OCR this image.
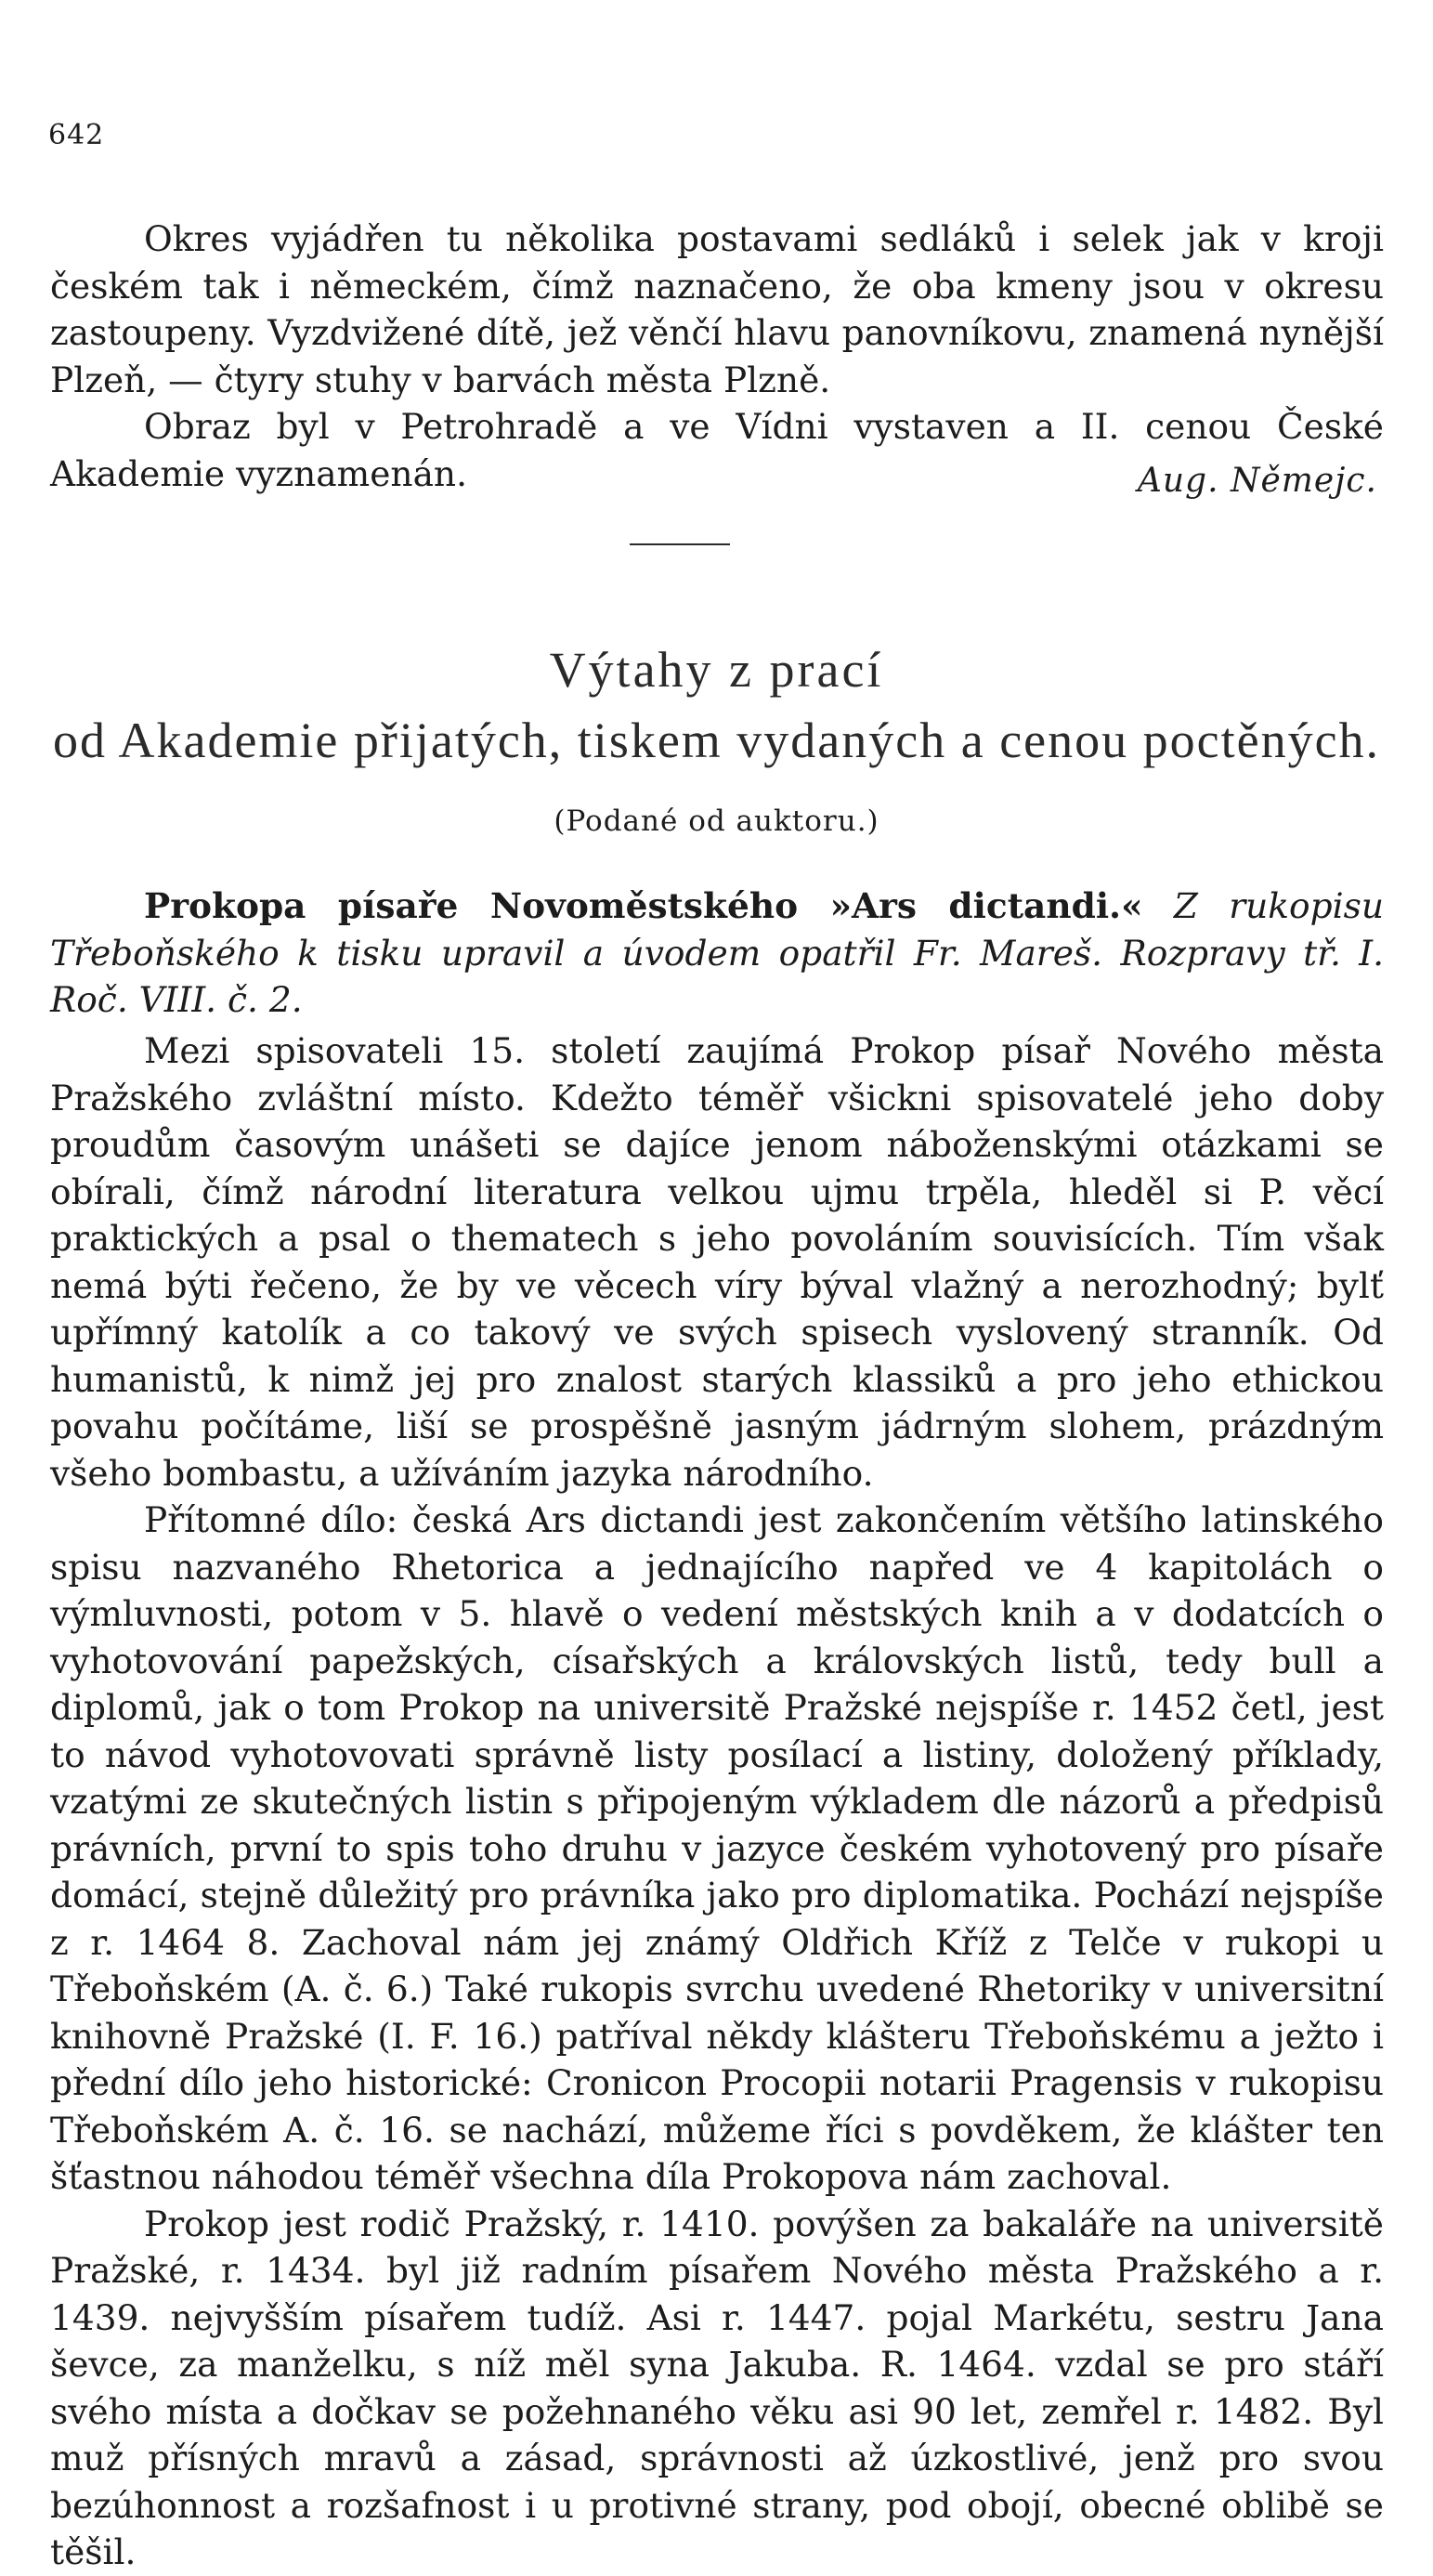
642

Okres vyjádřen tu několika postavami sedláků i selek jak v kroji českém tak i německém, čímž naznačeno, že oba kmeny jsou v okresu zastoupeny. Vyzdvižené dítě, jež věnčí hlavu panovníkovu, znamená nynější Plzeň, — čtyry stuhy v barvách města Plzně.

Obraz byl v Petrohradě a ve Vídni vystaven a II. cenou České Akademie vyznamenán.	Aug. Němejc.
Výtahy z prací
od Akademie přijatých, tiskem vydaných a cenou poctěných.
(Podané od auktoru.)

Prokopa písaře Novoměstského »Ars dictandi.« Z rukopisu Třeboňského k tisku upravil a úvodem opatřil Fr. Mareš. Rozpravy tř. I. Roč. VIII. č. 2.

Mezi spisovateli 15. století zaujímá Prokop písař Nového města Pražského zvláštní místo. Kdežto téměř všickni spisovatelé jeho doby proudům časovým unášeti se dajíce jenom náboženskými otázkami se obírali, čímž národní literatura velkou ujmu trpěla, hleděl si P. věcí praktických a psal o thematech s jeho povoláním souvisících. Tím však nemá býti řečeno, že by ve věcech víry býval vlažný a nerozhodný; bylť upřímný katolík a co takový ve svých spisech vyslovený stranník. Od humanistů, k nimž jej pro znalost starých klassiků a pro jeho ethickou povahu počítáme, liší se prospěšně jasným jádrným slohem, prázdným všeho bombastu, a užíváním jazyka národního.

Přítomné dílo: česká Ars dictandi jest zakončením většího latinského spisu nazvaného Rhetorica a jednajícího napřed ve 4 kapitolách o výmluvnosti, potom v 5. hlavě o vedení městských knih a v dodatcích o vyhotovování papežských, císařských a královských listů, tedy bull a diplomů, jak o tom Prokop na universitě Pražské nejspíše r. 1452 četl, jest to návod vyhotovovati správně listy posílací a listiny, doložený příklady, vzatými ze skutečných listin s připojeným výkladem dle názorů a předpisů právních, první to spis toho druhu v jazyce českém vyhotovený pro písaře domácí, stejně důležitý pro právníka jako pro diplomatika. Pochází nejspíše z r. 1464 8. Zachoval nám jej známý Oldřich Kříž z Telče v rukopi u Třeboňském (A. č. 6.) Také rukopis svrchu uvedené Rhetoriky v universitní knihovně Pražské (I. F. 16.) patříval někdy klášteru Třeboňskému a ježto i přední dílo jeho historické: Cronicon Procopii notarii Pragensis v rukopisu Třeboňském A. č. 16. se nachází, můžeme říci s povděkem, že klášter ten šťastnou náhodou téměř všechna díla Prokopova nám zachoval.

Prokop jest rodič Pražský, r. 1410. povýšen za bakaláře na universitě Pražské, r. 1434. byl již radním písařem Nového města Pražského a r. 1439. nejvyšším písařem tudíž. Asi r. 1447. pojal Markétu, sestru Jana ševce, za manželku, s níž měl syna Jakuba. R. 1464. vzdal se pro stáří svého místa a dočkav se požehnaného věku asi 90 let, zemřel r. 1482. Byl muž přísných mravů a zásad, správnosti až úzkostlivé, jenž pro svou bezúhonnost a rozšafnost i u protivné strany, pod obojí, obecné oblibě se těšil.
